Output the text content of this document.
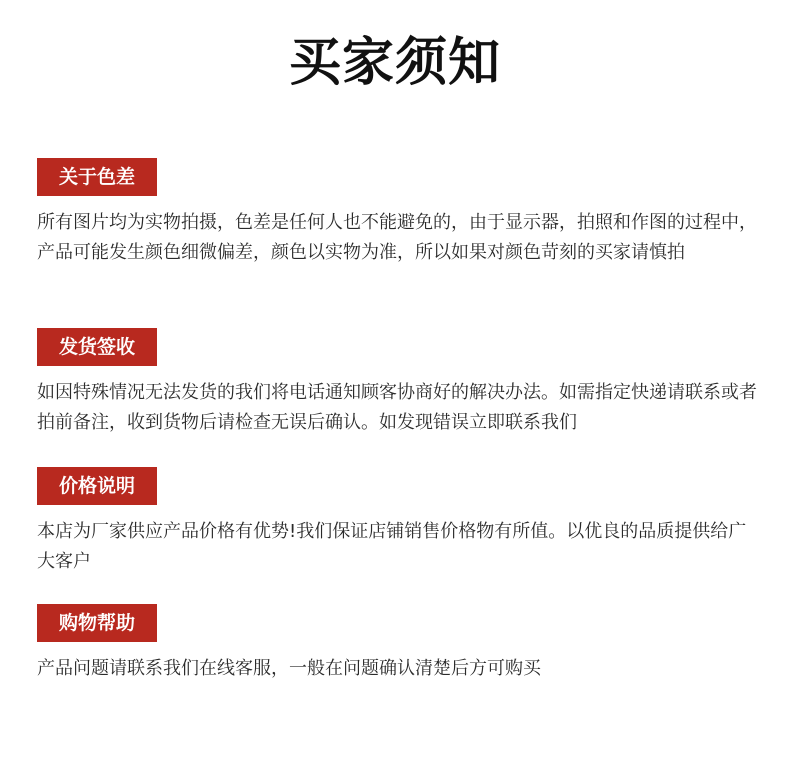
买家须知
关于色差
所有图片均为实物拍摄，色差是任何人也不能避免的，由于显示器，拍照和作图的过程中，产品可能发生颜色细微偏差，颜色以实物为准，所以如果对颜色苛刻的买家请慎拍
发货签收
如因特殊情况无法发货的我们将电话通知顾客协商好的解决办法。如需指定快递请联系或者拍前备注，收到货物后请检查无误后确认。如发现错误立即联系我们
价格说明
本店为厂家供应产品价格有优势!我们保证店铺销售价格物有所值。以优良的品质提供给广大客户
购物帮助
产品问题请联系我们在线客服，一般在问题确认清楚后方可购买
